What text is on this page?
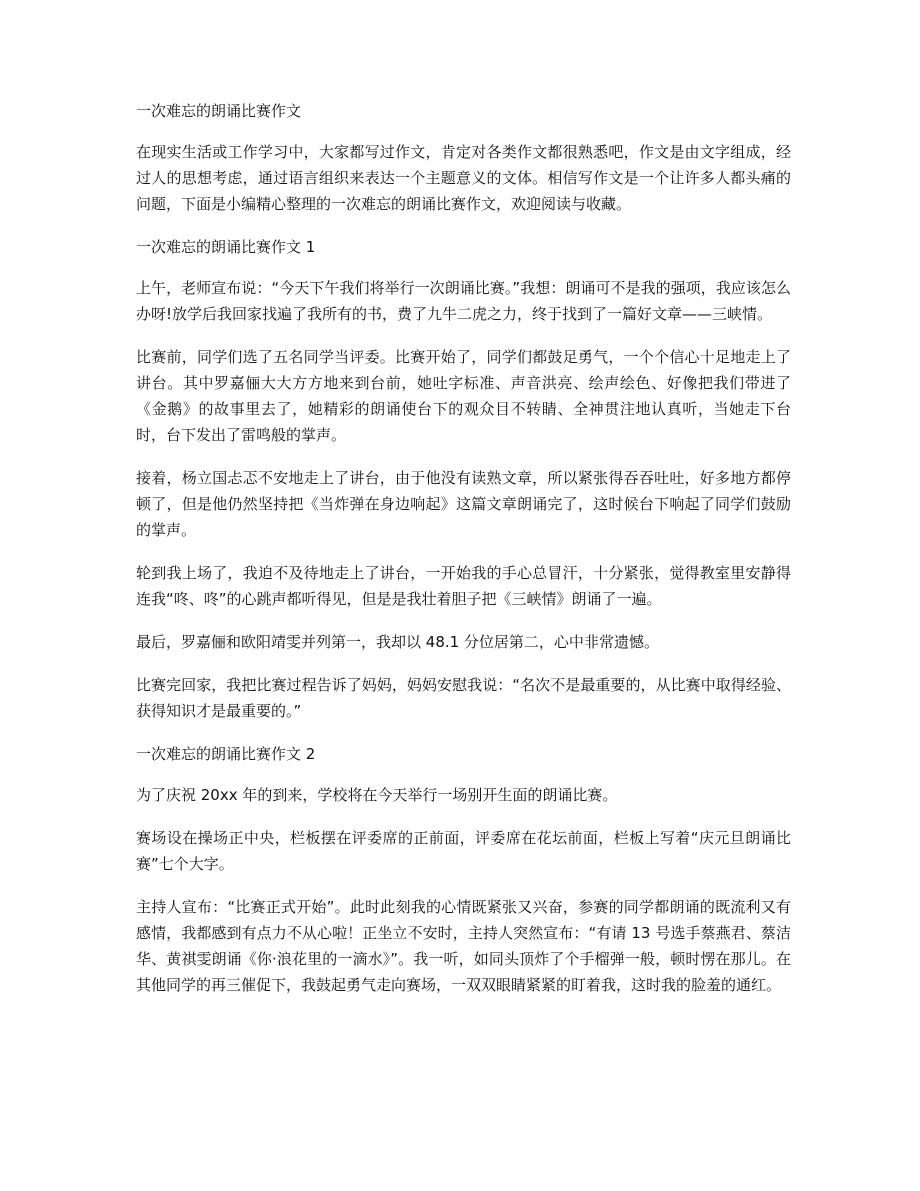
一次难忘的朗诵比赛作文

在现实生活或工作学习中，大家都写过作文，肯定对各类作文都很熟悉吧，作文是由文字组成，经过人的思想考虑，通过语言组织来表达一个主题意义的文体。相信写作文是一个让许多人都头痛的问题，下面是小编精心整理的一次难忘的朗诵比赛作文，欢迎阅读与收藏。

一次难忘的朗诵比赛作文 1

上午，老师宣布说：“今天下午我们将举行一次朗诵比赛。”我想：朗诵可不是我的强项，我应该怎么办呀!放学后我回家找遍了我所有的书，费了九牛二虎之力，终于找到了一篇好文章——三峡情。

比赛前，同学们选了五名同学当评委。比赛开始了，同学们都鼓足勇气，一个个信心十足地走上了讲台。其中罗嘉俪大大方方地来到台前，她吐字标准、声音洪亮、绘声绘色、好像把我们带进了《金鹅》的故事里去了，她精彩的朗诵使台下的观众目不转睛、全神贯注地认真听，当她走下台时，台下发出了雷鸣般的掌声。

接着，杨立国忐忑不安地走上了讲台，由于他没有读熟文章，所以紧张得吞吞吐吐，好多地方都停顿了，但是他仍然坚持把《当炸弹在身边响起》这篇文章朗诵完了，这时候台下响起了同学们鼓励的掌声。

轮到我上场了，我迫不及待地走上了讲台，一开始我的手心总冒汗，十分紧张，觉得教室里安静得连我“咚、咚”的心跳声都听得见，但是是我壮着胆子把《三峡情》朗诵了一遍。

最后，罗嘉俪和欧阳靖雯并列第一，我却以 48.1 分位居第二，心中非常遗憾。

比赛完回家，我把比赛过程告诉了妈妈，妈妈安慰我说：“名次不是最重要的，从比赛中取得经验、获得知识才是最重要的。”

一次难忘的朗诵比赛作文 2

为了庆祝 20xx 年的到来，学校将在今天举行一场别开生面的朗诵比赛。

赛场设在操场正中央，栏板摆在评委席的正前面，评委席在花坛前面，栏板上写着“庆元旦朗诵比赛”七个大字。

主持人宣布：“比赛正式开始”。此时此刻我的心情既紧张又兴奋，参赛的同学都朗诵的既流利又有感情，我都感到有点力不从心啦！正坐立不安时，主持人突然宣布：“有请 13 号选手蔡燕君、蔡洁华、黄祺雯朗诵《你·浪花里的一滴水》”。我一听，如同头顶炸了个手榴弹一般，顿时愣在那儿。在其他同学的再三催促下，我鼓起勇气走向赛场，一双双眼睛紧紧的盯着我，这时我的脸羞的通红。
